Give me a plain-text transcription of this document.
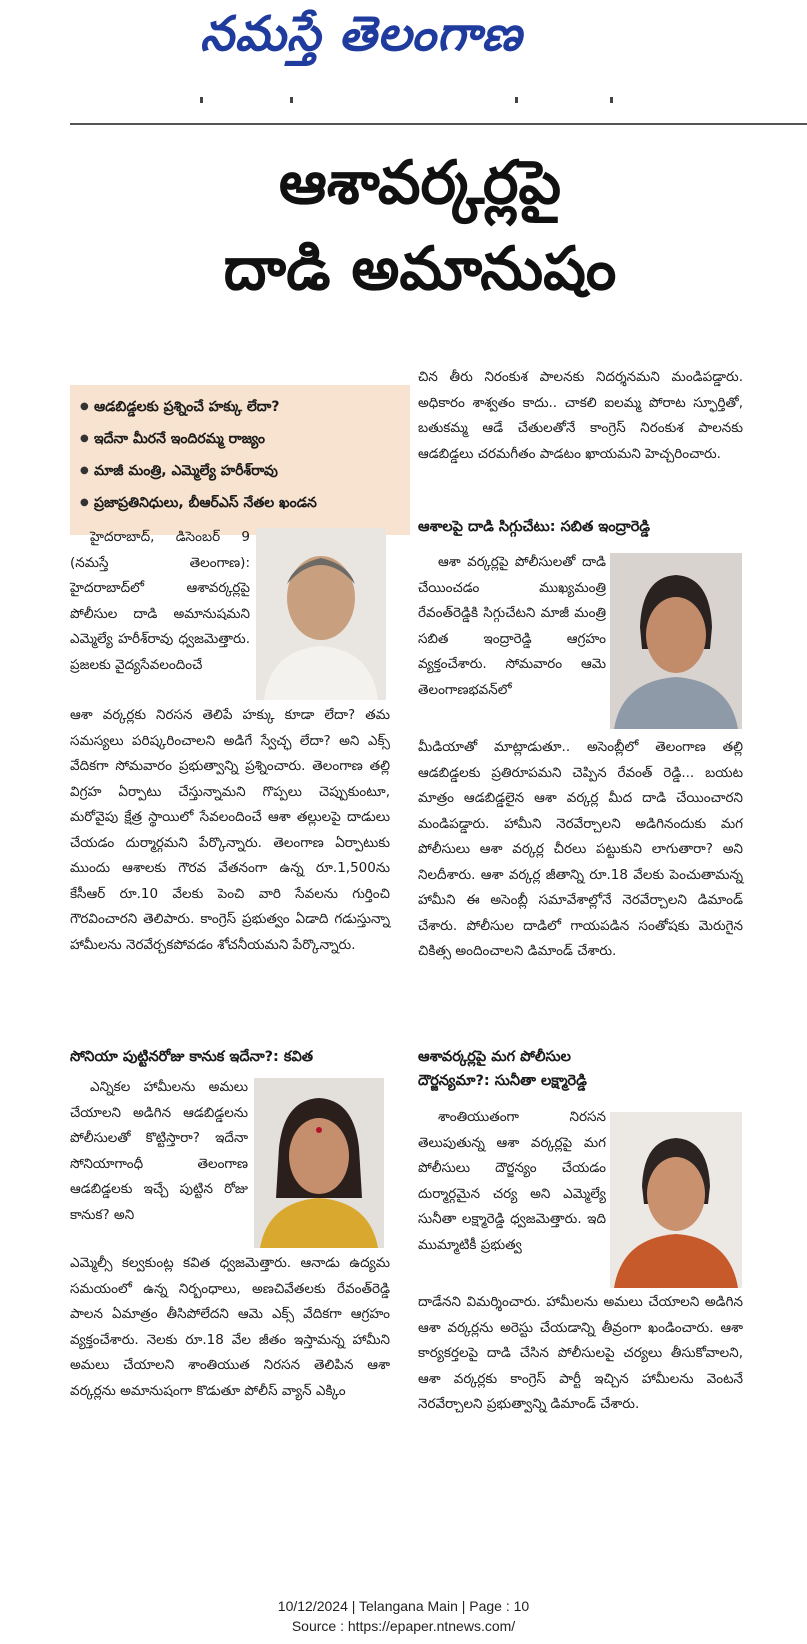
నమస్తే తెలంగాణ
ఆశావర్కర్లపై
దాడి అమానుషం
● ఆడబిడ్డలకు ప్రశ్నించే హక్కు లేదా?
● ఇదేనా మీరనే ఇందిరమ్మ రాజ్యం
● మాజీ మంత్రి, ఎమ్మెల్యే హరీశ్‌రావు
● ప్రజాప్రతినిధులు, బీఆర్‌ఎస్ నేతల ఖండన

హైదరాబాద్, డిసెంబర్ 9 (నమస్తే తెలంగాణ): హైదరాబాద్‌లో ఆశావర్కర్లపై పోలీసుల దాడి అమానుషమని ఎమ్మెల్యే హరీశ్‌రావు ధ్వజమెత్తారు. ప్రజలకు వైద్యసేవలందించే

ఆశా వర్కర్లకు నిరసన తెలిపే హక్కు కూడా లేదా? తమ సమస్యలు పరిష్కరించాలని అడిగే స్వేచ్ఛ లేదా? అని ఎక్స్ వేదికగా సోమవారం ప్రభుత్వాన్ని ప్రశ్నించారు. తెలంగాణ తల్లి విగ్రహ ఏర్పాటు చేస్తున్నామని గొప్పలు చెప్పుకుంటూ, మరోవైపు క్షేత్ర స్థాయిలో సేవలందించే ఆశా తల్లులపై దాడులు చేయడం దుర్మార్గమని పేర్కొన్నారు. తెలంగాణ ఏర్పాటుకు ముందు ఆశాలకు గౌరవ వేతనంగా ఉన్న రూ.1,500ను కేసీఆర్ రూ.10 వేలకు పెంచి వారి సేవలను గుర్తించి గౌరవించారని తెలిపారు. కాంగ్రెస్ ప్రభుత్వం ఏడాది గడుస్తున్నా హామీలను నెరవేర్చకపోవడం శోచనీయమని పేర్కొన్నారు.

సోనియా పుట్టినరోజు కానుక ఇదేనా?: కవిత

ఎన్నికల హామీలను అమలు చేయాలని అడిగిన ఆడబిడ్డలను పోలీసులతో కొట్టిస్తారా? ఇదేనా సోనియాగాంధీ తెలంగాణ ఆడబిడ్డలకు ఇచ్చే పుట్టిన రోజు కానుక? అని

ఎమ్మెల్సీ కల్వకుంట్ల కవిత ధ్వజమెత్తారు. ఆనాడు ఉద్యమ సమయంలో ఉన్న నిర్బంధాలు, అణచివేతలకు రేవంత్‌రెడ్డి పాలన ఏమాత్రం తీసిపోలేదని ఆమె ఎక్స్ వేదికగా ఆగ్రహం వ్యక్తంచేశారు. నెలకు రూ.18 వేల జీతం ఇస్తామన్న హామీని అమలు చేయాలని శాంతియుత నిరసన తెలిపిన ఆశా వర్కర్లను అమానుషంగా కొడుతూ పోలీస్ వ్యాన్ ఎక్కిం

చిన తీరు నిరంకుశ పాలనకు నిదర్శనమని మండిపడ్డారు. అధికారం శాశ్వతం కాదు.. చాకలి ఐలమ్మ పోరాట స్ఫూర్తితో, బతుకమ్మ ఆడే చేతులతోనే కాంగ్రెస్ నిరంకుశ పాలనకు ఆడబిడ్డలు చరమగీతం పాడటం ఖాయమని హెచ్చరించారు.

ఆశాలపై దాడి సిగ్గుచేటు: సబిత ఇంద్రారెడ్డి

ఆశా వర్కర్లపై పోలీసులతో దాడి చేయించడం ముఖ్యమంత్రి రేవంత్‌రెడ్డికి సిగ్గుచేటని మాజీ మంత్రి సబిత ఇంద్రారెడ్డి ఆగ్రహం వ్యక్తంచేశారు. సోమవారం ఆమె తెలంగాణభవన్‌లో

మీడియాతో మాట్లాడుతూ.. అసెంబ్లీలో తెలంగాణ తల్లి ఆడబిడ్డలకు ప్రతిరూపమని చెప్పిన రేవంత్ రెడ్డి... బయట మాత్రం ఆడబిడ్డలైన ఆశా వర్కర్ల మీద దాడి చేయించారని మండిపడ్డారు. హామీని నెరవేర్చాలని అడిగినందుకు మగ పోలీసులు ఆశా వర్కర్ల చీరలు పట్టుకుని లాగుతారా? అని నిలదీశారు. ఆశా వర్కర్ల జీతాన్ని రూ.18 వేలకు పెంచుతామన్న హామీని ఈ అసెంబ్లీ సమావేశాల్లోనే నెరవేర్చాలని డిమాండ్ చేశారు. పోలీసుల దాడిలో గాయపడిన సంతోషకు మెరుగైన చికిత్స అందించాలని డిమాండ్ చేశారు.

ఆశావర్కర్లపై మగ పోలీసుల
దౌర్జన్యమా?: సునీతా లక్ష్మారెడ్డి

శాంతియుతంగా నిరసన తెలుపుతున్న ఆశా వర్కర్లపై మగ పోలీసులు దౌర్జన్యం చేయడం దుర్మార్గమైన చర్య అని ఎమ్మెల్యే సునీతా లక్ష్మారెడ్డి ధ్వజమెత్తారు. ఇది ముమ్మాటికీ ప్రభుత్వ

దాడేనని విమర్శించారు. హామీలను అమలు చేయాలని అడిగిన ఆశా వర్కర్లను అరెస్టు చేయడాన్ని తీవ్రంగా ఖండించారు. ఆశా కార్యకర్తలపై దాడి చేసిన పోలీసులపై చర్యలు తీసుకోవాలని, ఆశా వర్కర్లకు కాంగ్రెస్ పార్టీ ఇచ్చిన హామీలను వెంటనే నెరవేర్చాలని ప్రభుత్వాన్ని డిమాండ్ చేశారు.

10/12/2024 | Telangana Main | Page : 10
Source : https://epaper.ntnews.com/
